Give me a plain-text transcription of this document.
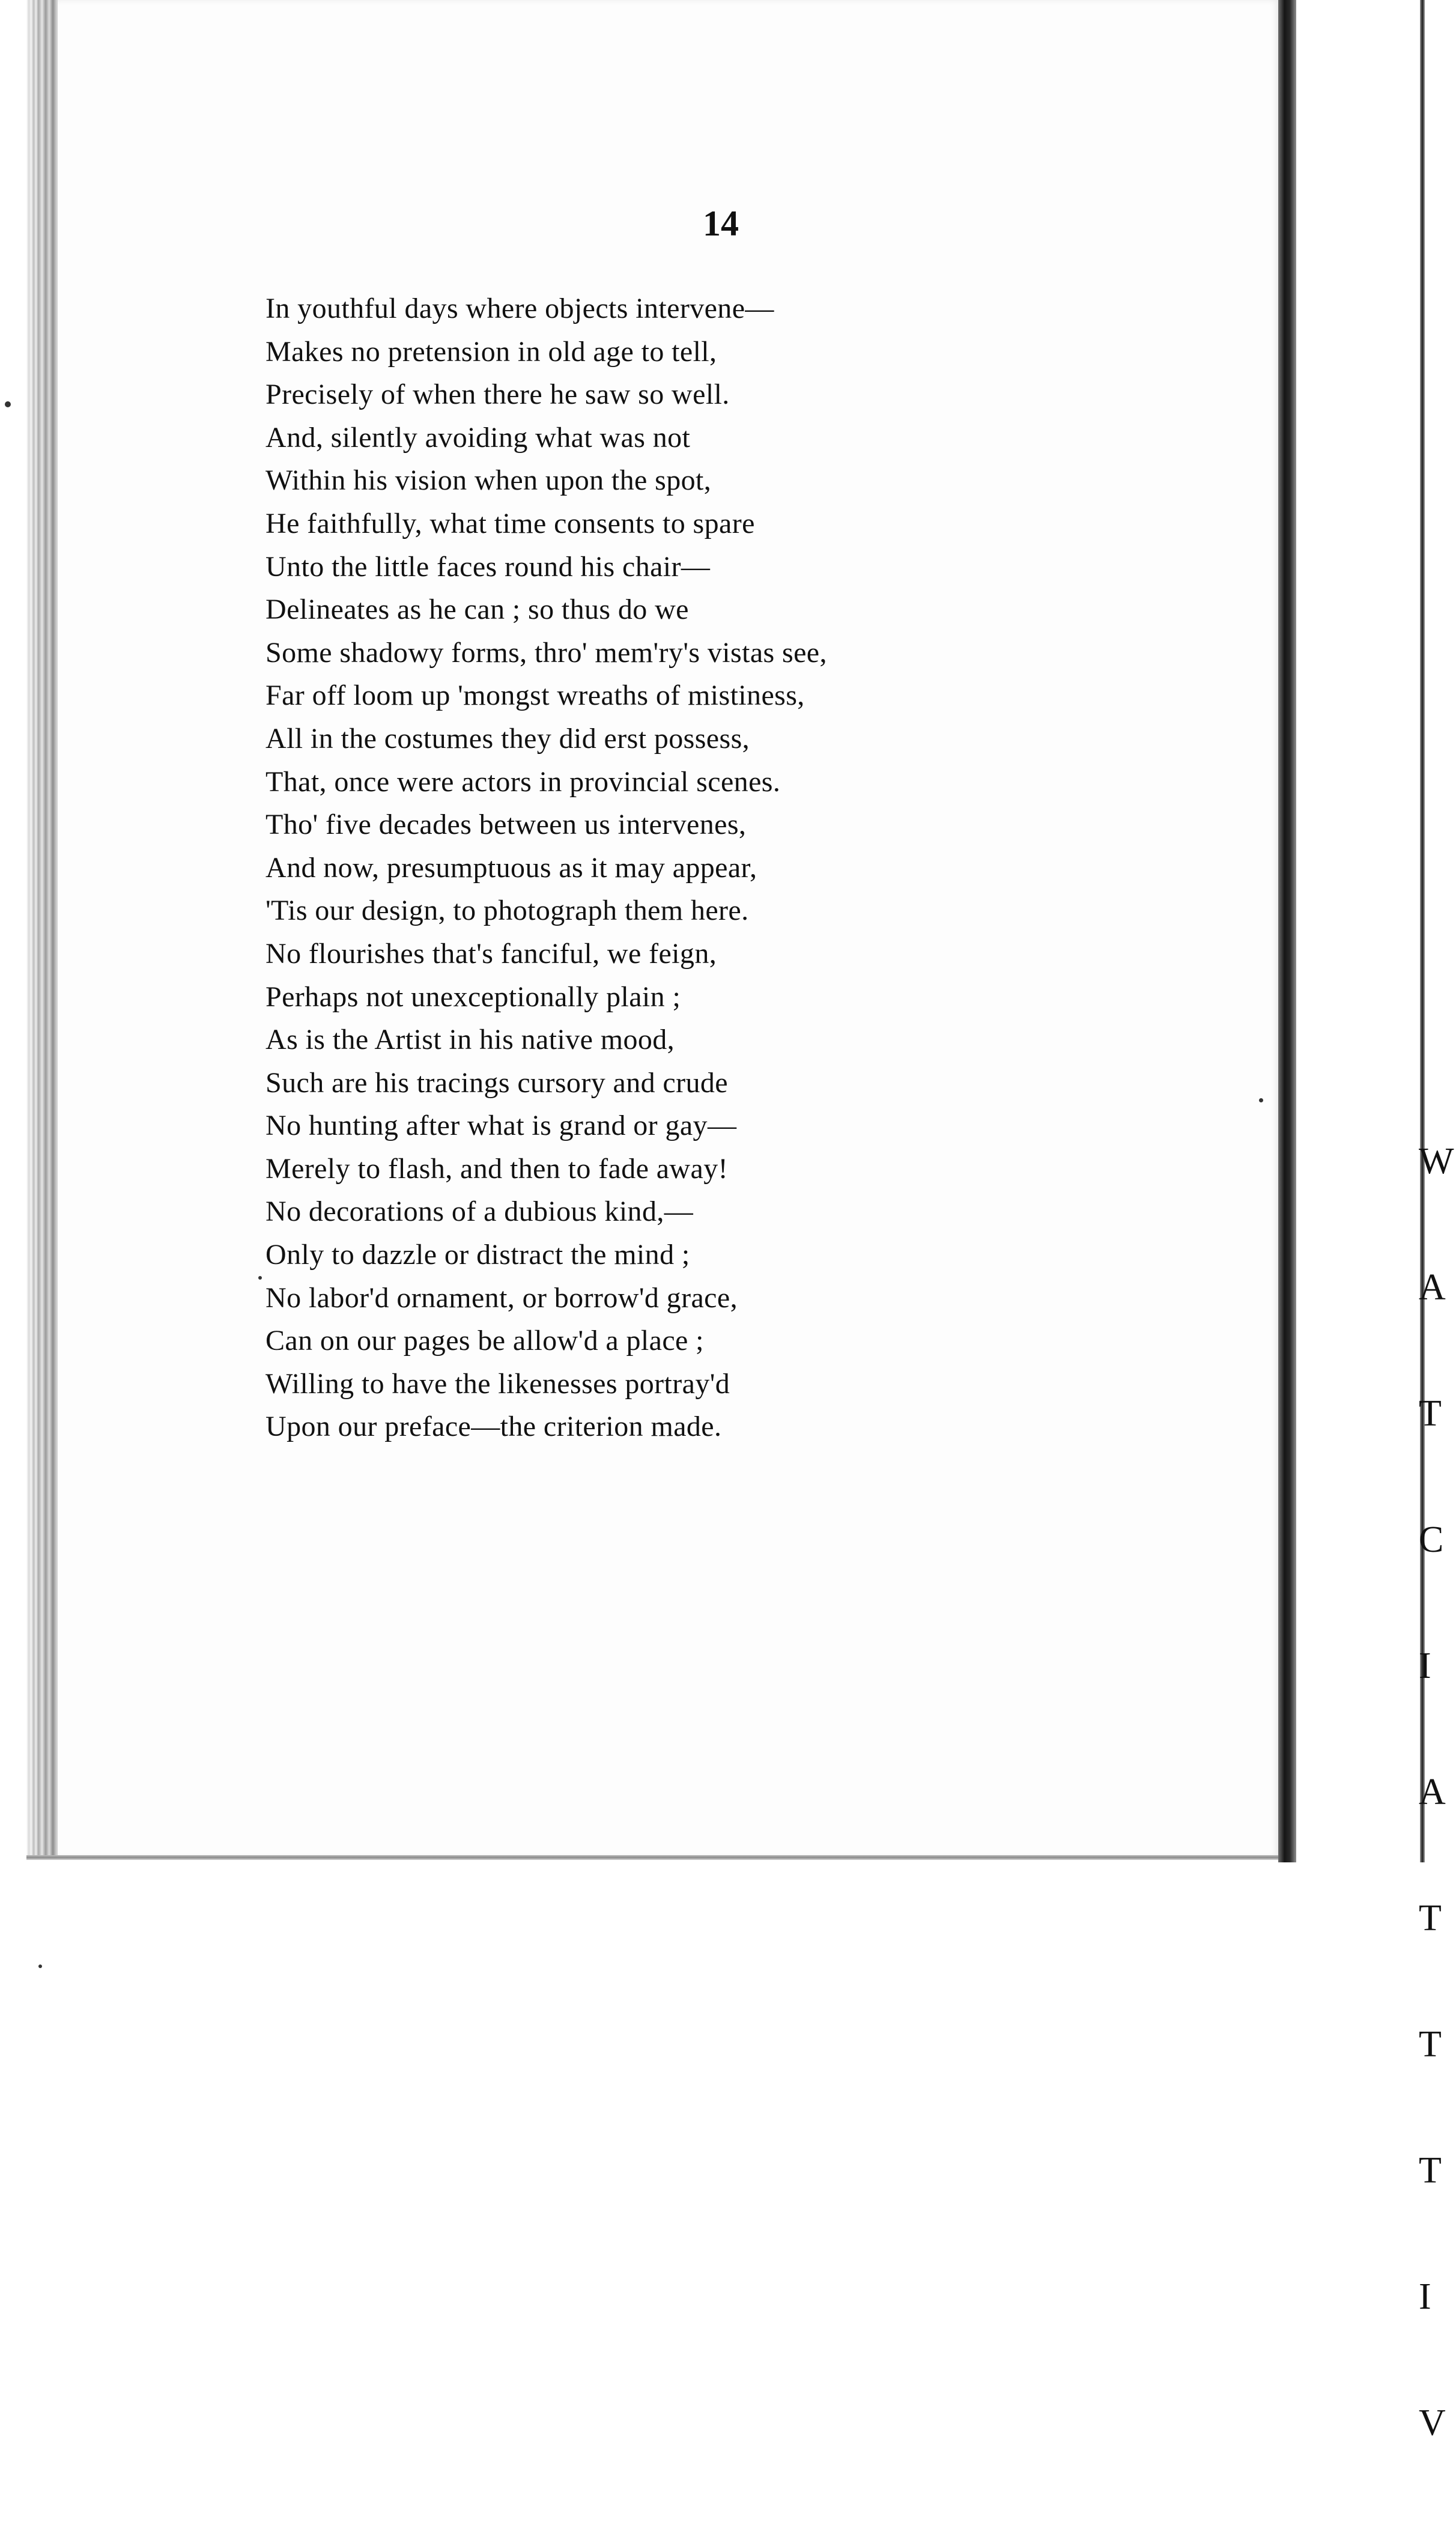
W

A

T

C

I

A

T

T

T

I

V

14
In youthful days where objects intervene—
Makes no pretension in old age to tell,
Precisely of when there he saw so well.
And, silently avoiding what was not
Within his vision when upon the spot,
He faithfully, what time consents to spare
Unto the little faces round his chair—
Delineates as he can ; so thus do we
Some shadowy forms, thro' mem'ry's vistas see,
Far off loom up 'mongst wreaths of mistiness,
All in the costumes they did erst possess,
That, once were actors in provincial scenes.
Tho' five decades between us intervenes,
And now, presumptuous as it may appear,
'Tis our design, to photograph them here.
No flourishes that's fanciful, we feign,
Perhaps not unexceptionally plain ;
As is the Artist in his native mood,
Such are his tracings cursory and crude
No hunting after what is grand or gay—
Merely to flash, and then to fade away!
No decorations of a dubious kind,—
Only to dazzle or distract the mind ;
No labor'd ornament, or borrow'd grace,
Can on our pages be allow'd a place ;
Willing to have the likenesses portray'd
Upon our preface—the criterion made.
